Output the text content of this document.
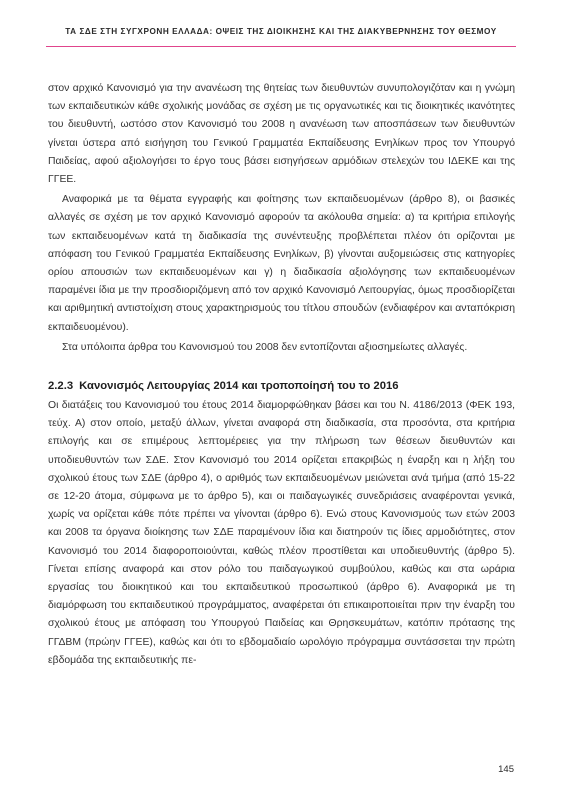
ΤΑ ΣΔΕ ΣΤΗ ΣΥΓΧΡΟΝΗ ΕΛΛΑΔΑ: ΟΨΕΙΣ ΤΗΣ ΔΙΟΙΚΗΣΗΣ ΚΑΙ ΤΗΣ ΔΙΑΚΥΒΕΡΝΗΣΗΣ ΤΟΥ ΘΕΣΜΟΥ

στον αρχικό Κανονισμό για την ανανέωση της θητείας των διευθυντών συνυπολογιζόταν και η γνώμη των εκπαιδευτικών κάθε σχολικής μονάδας σε σχέση με τις οργανωτικές και τις διοικητικές ικανότητες του διευθυντή, ωστόσο στον Κανονισμό του 2008 η ανανέωση των αποσπάσεων των διευθυντών γίνεται ύστερα από εισήγηση του Γενικού Γραμματέα Εκπαίδευσης Ενηλίκων προς τον Υπουργό Παιδείας, αφού αξιολογήσει το έργο τους βάσει εισηγήσεων αρμόδιων στελεχών του ΙΔΕΚΕ και της ΓΓΕΕ.

Αναφορικά με τα θέματα εγγραφής και φοίτησης των εκπαιδευομένων (άρθρο 8), οι βασικές αλλαγές σε σχέση με τον αρχικό Κανονισμό αφορούν τα ακόλουθα σημεία: α) τα κριτήρια επιλογής των εκπαιδευομένων κατά τη διαδικασία της συνέντευξης προβλέπεται πλέον ότι ορίζονται με απόφαση του Γενικού Γραμματέα Εκπαίδευσης Ενηλίκων, β) γίνονται αυξομειώσεις στις κατηγορίες ορίου απουσιών των εκπαιδευομένων και γ) η διαδικασία αξιολόγησης των εκπαιδευομένων παραμένει ίδια με την προσδιοριζόμενη από τον αρχικό Κανονισμό Λειτουργίας, όμως προσδιορίζεται και αριθμητική αντιστοίχιση στους χαρακτηρισμούς του τίτλου σπουδών (ενδιαφέρον και ανταπόκριση εκπαιδευομένου).

Στα υπόλοιπα άρθρα του Κανονισμού του 2008 δεν εντοπίζονται αξιοσημείωτες αλλαγές.

2.2.3 Κανονισμός Λειτουργίας 2014 και τροποποίησή του το 2016

Οι διατάξεις του Κανονισμού του έτους 2014 διαμορφώθηκαν βάσει και του Ν. 4186/2013 (ΦΕΚ 193, τεύχ. Α) στον οποίο, μεταξύ άλλων, γίνεται αναφορά στη διαδικασία, στα προσόντα, στα κριτήρια επιλογής και σε επιμέρους λεπτομέρειες για την πλήρωση των θέσεων διευθυντών και υποδιευθυντών των ΣΔΕ. Στον Κανονισμό του 2014 ορίζεται επακριβώς η έναρξη και η λήξη του σχολικού έτους των ΣΔΕ (άρθρο 4), ο αριθμός των εκπαιδευομένων μειώνεται ανά τμήμα (από 15-22 σε 12-20 άτομα, σύμφωνα με το άρθρο 5), και οι παιδαγωγικές συνεδριάσεις αναφέρονται γενικά, χωρίς να ορίζεται κάθε πότε πρέπει να γίνονται (άρθρο 6). Ενώ στους Κανονισμούς των ετών 2003 και 2008 τα όργανα διοίκησης των ΣΔΕ παραμένουν ίδια και διατηρούν τις ίδιες αρμοδιότητες, στον Κανονισμό του 2014 διαφοροποιούνται, καθώς πλέον προστίθεται και υποδιευθυντής (άρθρο 5). Γίνεται επίσης αναφορά και στον ρόλο του παιδαγωγικού συμβούλου, καθώς και στα ωράρια εργασίας του διοικητικού και του εκπαιδευτικού προσωπικού (άρθρο 6). Αναφορικά με τη διαμόρφωση του εκπαιδευτικού προγράμματος, αναφέρεται ότι επικαιροποιείται πριν την έναρξη του σχολικού έτους με απόφαση του Υπουργού Παιδείας και Θρησκευμάτων, κατόπιν πρότασης της ΓΓΔΒΜ (πρώην ΓΓΕΕ), καθώς και ότι το εβδομαδιαίο ωρολόγιο πρόγραμμα συντάσσεται την πρώτη εβδομάδα της εκπαιδευτικής πε-

145
